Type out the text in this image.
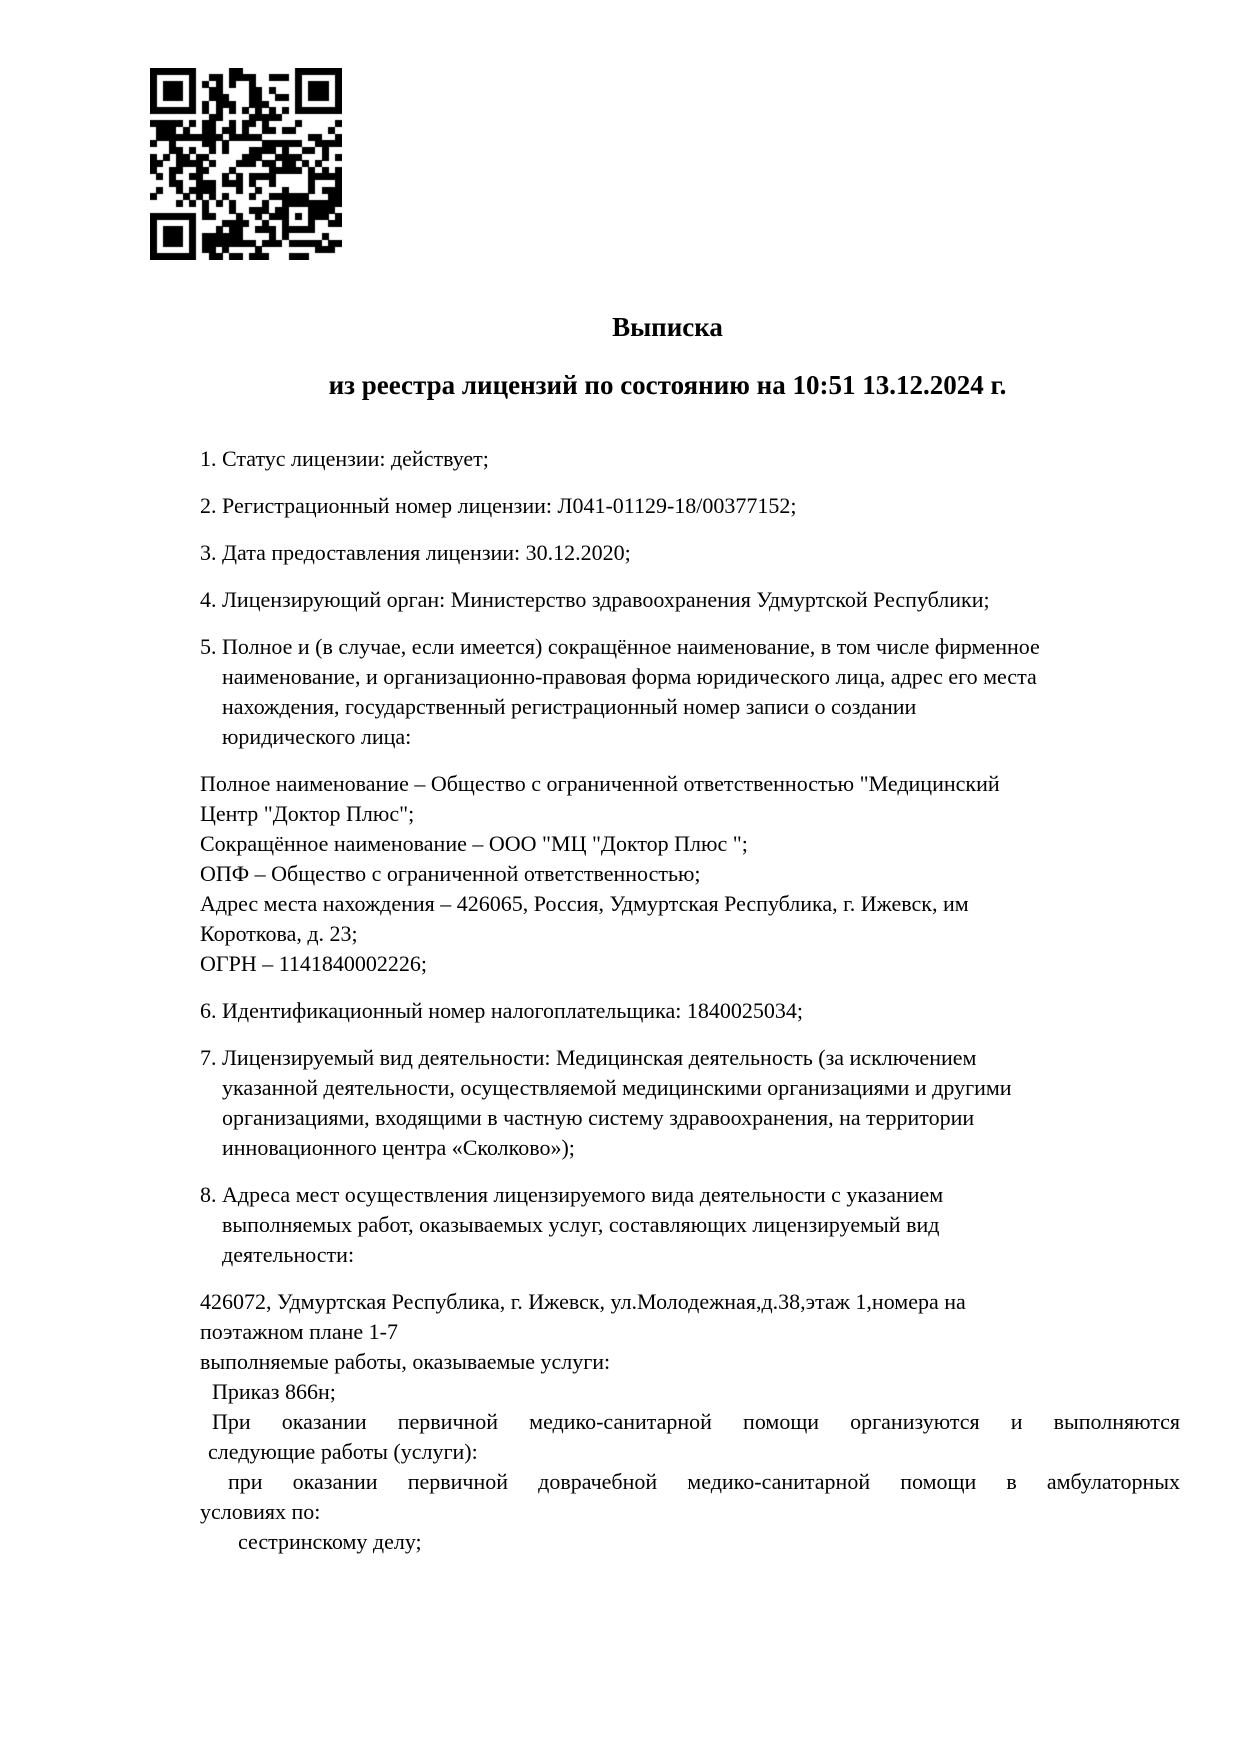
Выписка
из реестра лицензий по состоянию на 10:51 13.12.2024 г.
1. Статус лицензии: действует;
2. Регистрационный номер лицензии: Л041-01129-18/00377152;
3. Дата предоставления лицензии: 30.12.2020;
4. Лицензирующий орган: Министерство здравоохранения Удмуртской Республики;
5. Полное и (в случае, если имеется) сокращённое наименование, в том числе фирменное
наименование, и организационно-правовая форма юридического лица, адрес его места
нахождения, государственный регистрационный номер записи о создании
юридического лица:
Полное наименование – Общество с ограниченной ответственностью "Медицинский
Центр "Доктор Плюс";
Сокращённое наименование – ООО "МЦ "Доктор Плюс ";
ОПФ – Общество с ограниченной ответственностью;
Адрес места нахождения – 426065, Россия, Удмуртская Республика, г. Ижевск, им
Короткова, д. 23;
ОГРН – 1141840002226;
6. Идентификационный номер налогоплательщика: 1840025034;
7. Лицензируемый вид деятельности: Медицинская деятельность (за исключением
указанной деятельности, осуществляемой медицинскими организациями и другими
организациями, входящими в частную систему здравоохранения, на территории
инновационного центра «Сколково»);
8. Адреса мест осуществления лицензируемого вида деятельности с указанием
выполняемых работ, оказываемых услуг, составляющих лицензируемый вид
деятельности:
426072, Удмуртская Республика, г. Ижевск, ул.Молодежная,д.38,этаж 1,номера на
поэтажном плане 1-7
выполняемые работы, оказываемые услуги:
Приказ 866н;
При оказании первичной медико-санитарной помощи организуются и выполняются
следующие работы (услуги):
при оказании первичной доврачебной медико-санитарной помощи в амбулаторных
условиях по:
сестринскому делу;
